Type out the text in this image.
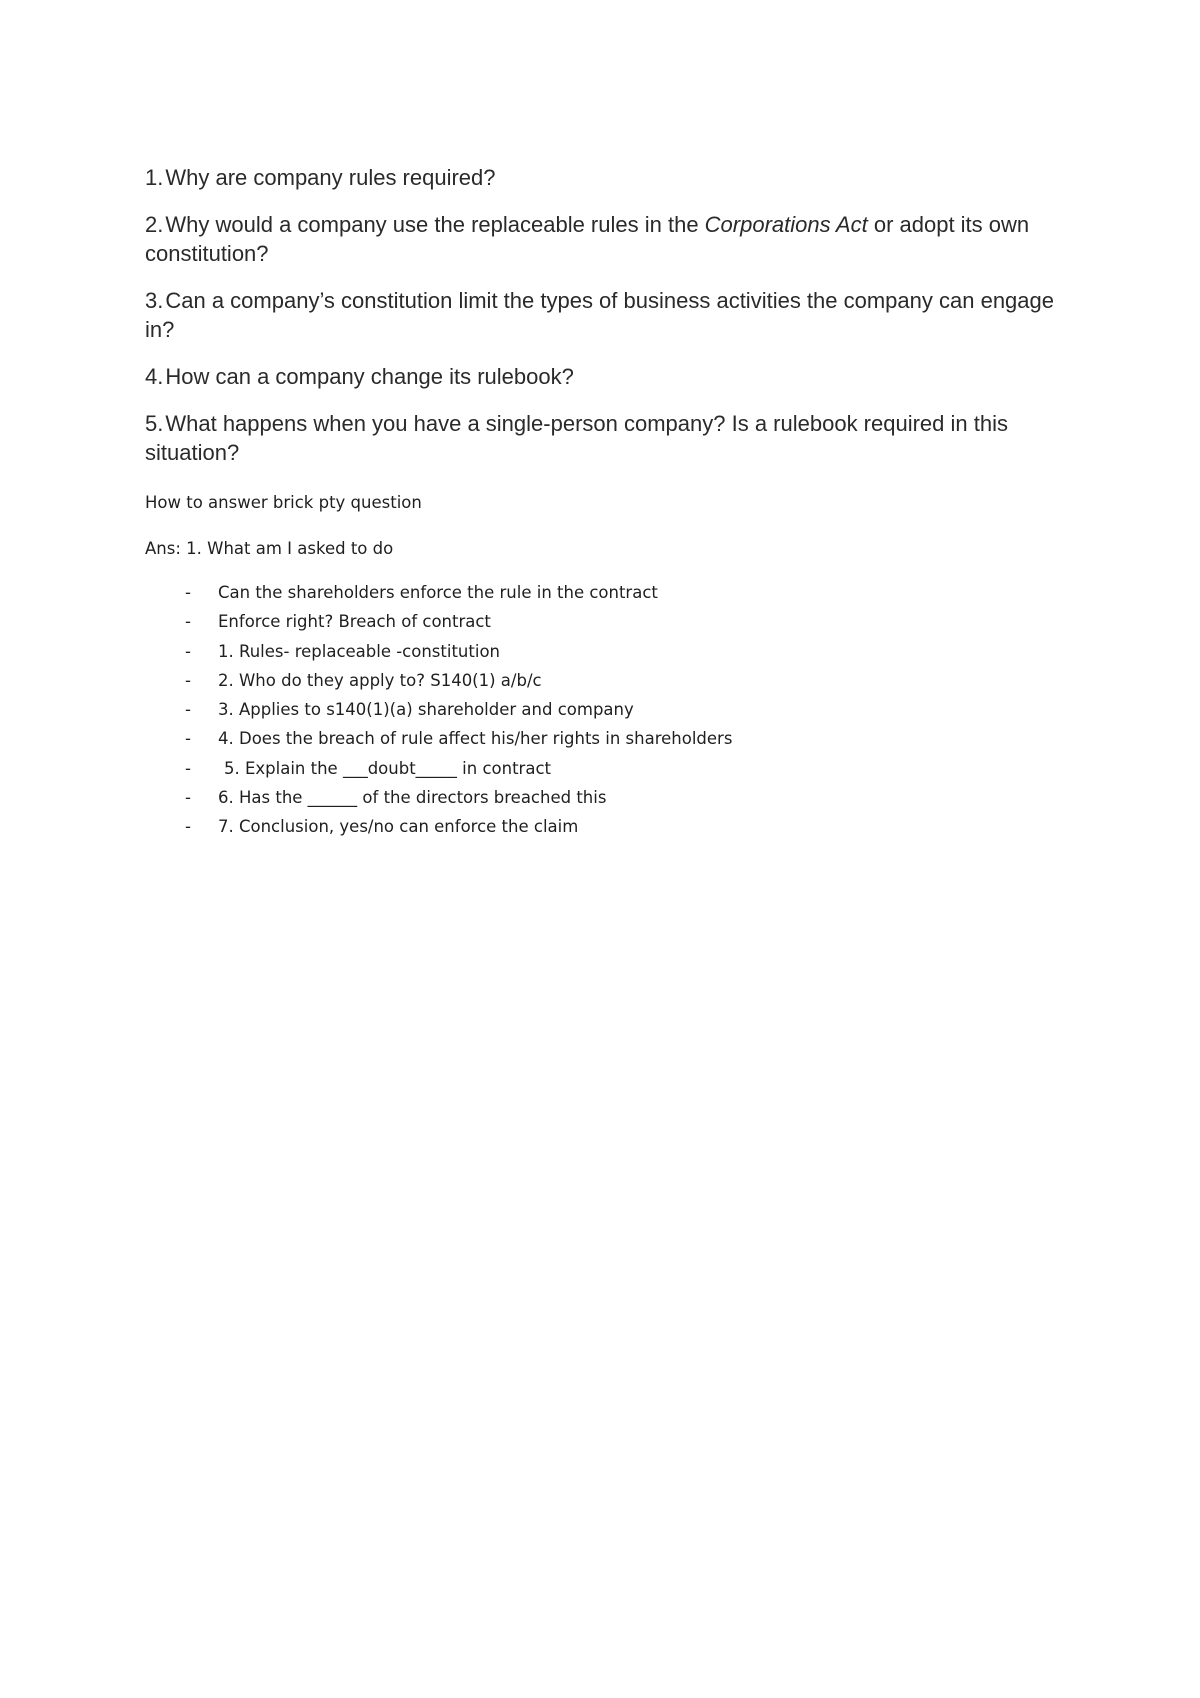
1.Why are company rules required?

2.Why would a company use the replaceable rules in the Corporations Act or adopt its own constitution?

3.Can a company’s constitution limit the types of business activities the company can engage in?

4.How can a company change its rulebook?

5.What happens when you have a single-person company? Is a rulebook required in this situation?

How to answer brick pty question

Ans: 1. What am I asked to do

- Can the shareholders enforce the rule in the contract
- Enforce right? Breach of contract
- 1. Rules- replaceable -constitution
- 2. Who do they apply to? S140(1) a/b/c
- 3. Applies to s140(1)(a) shareholder and company
- 4. Does the breach of rule affect his/her rights in shareholders
- 5. Explain the ___doubt_____ in contract
- 6. Has the ______ of the directors breached this
- 7. Conclusion, yes/no can enforce the claim
